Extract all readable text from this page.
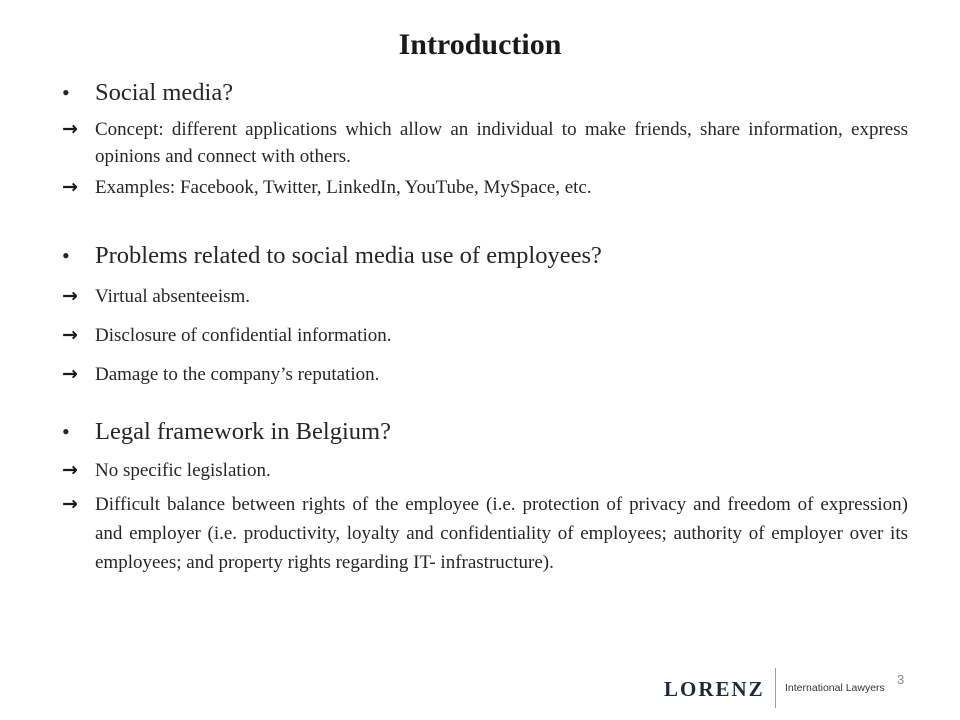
Introduction

• Social media?

→ Concept: different applications which allow an individual to make friends, share information, express opinions and connect with others.

→ Examples: Facebook, Twitter, LinkedIn, YouTube, MySpace, etc.

• Problems related to social media use of employees?

→ Virtual absenteeism.

→ Disclosure of confidential information.

→ Damage to the company’s reputation.

• Legal framework in Belgium?

→ No specific legislation.

→ Difficult balance between rights of the employee (i.e. protection of privacy and freedom of expression) and employer (i.e. productivity, loyalty and confidentiality of employees; authority of employer over its employees; and property rights regarding IT- infrastructure).

LORENZ International Lawyers
3
